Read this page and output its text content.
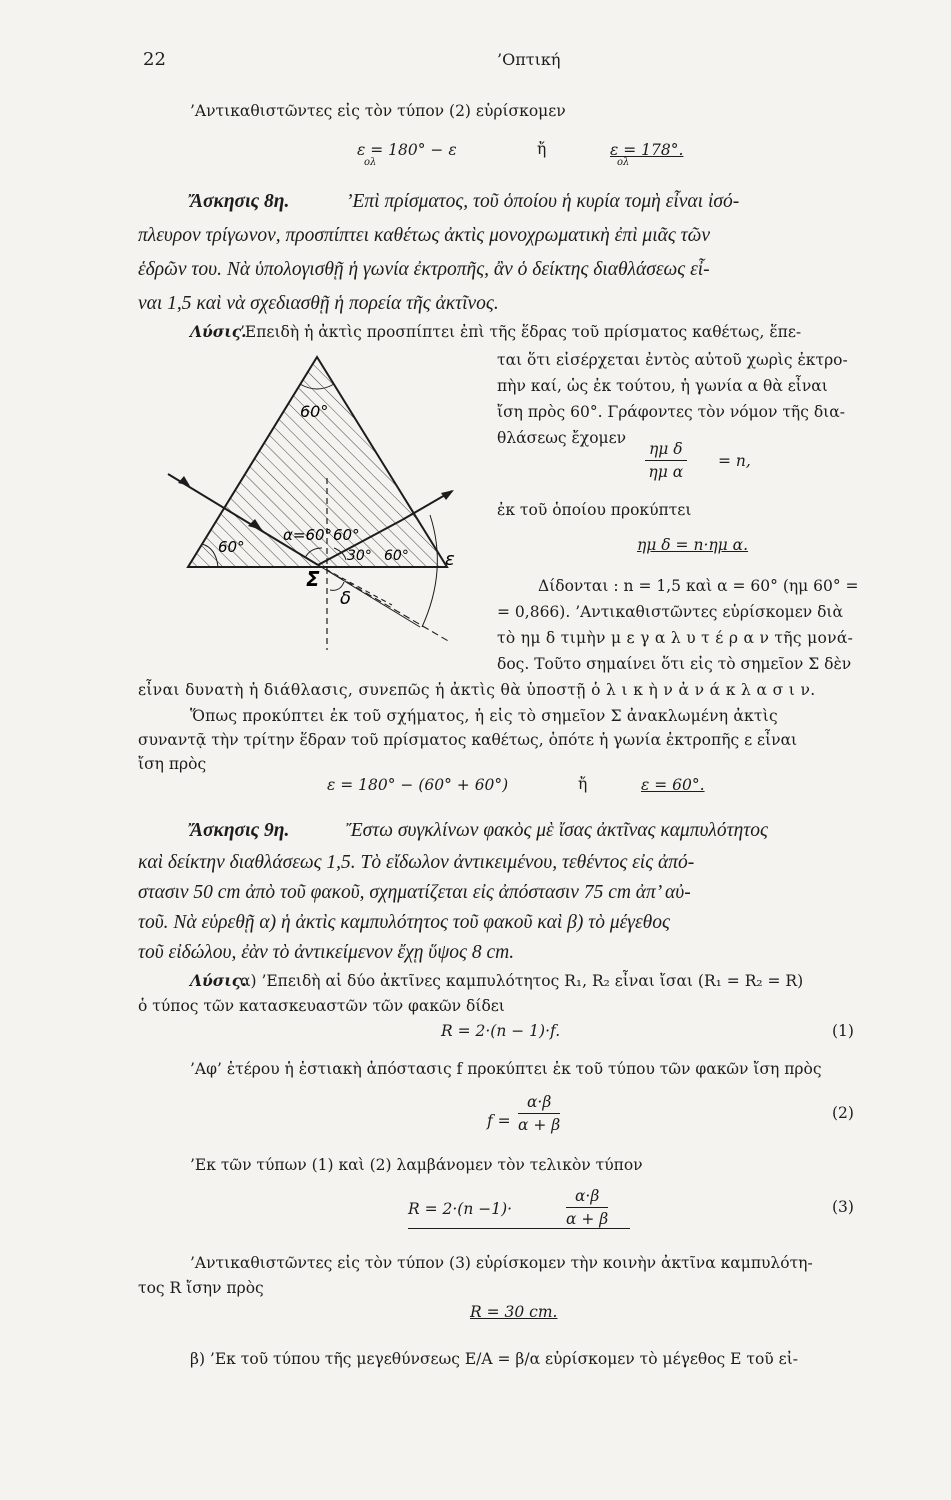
22	’Οπτική
’Αντικαθιστῶντες εἰς τὸν τύπον (2) εὑρίσκομεν
ε = 180° − ε
ολ
ἤ	ε = 178°.
ολ
Ἄσκησις 8η.	’Επὶ πρίσματος, τοῦ ὁποίου ἡ κυρία τομὴ εἶναι ἰσό-
πλευρον τρίγωνον, προσπίπτει καθέτως ἀκτὶς μονοχρωματικὴ ἐπὶ μιᾶς τῶν
ἑδρῶν του. Νὰ ὑπολογισθῇ ἡ γωνία ἐκτροπῆς, ἂν ὁ δείκτης διαθλάσεως εἶ-
ναι 1,5 καὶ νὰ σχεδιασθῇ ἡ πορεία τῆς ἀκτῖνος.
Λύσις.
’Επειδὴ ἡ ἀκτὶς προσπίπτει ἐπὶ τῆς ἕδρας τοῦ πρίσματος καθέτως, ἕπε-
ται ὅτι εἰσέρχεται ἐντὸς αὐτοῦ χωρὶς ἐκτρο-
πὴν καί, ὡς ἐκ τούτου, ἡ γωνία α θὰ εἶναι
ἴση πρὸς 60°. Γράφοντες τὸν νόμον τῆς δια-
θλάσεως ἔχομεν
$\frac{\text{ημ δ}}{\text{ημ α}} = n$,
ἐκ τοῦ ὁποίου προκύπτει
ημ δ = n·ημ α.
Δίδονται : n = 1,5 καὶ α = 60° (ημ 60° =
= 0,866). ’Αντικαθιστῶντες εὑρίσκομεν διὰ
τὸ ημ δ τιμὴν μ ε γ α λ υ τ έ ρ α ν τῆς μονά-
δος. Τοῦτο σημαίνει ὅτι εἰς τὸ σημεῖον Σ δὲν
εἶναι δυνατὴ ἡ διάθλασις, συνεπῶς ἡ ἀκτὶς θὰ ὑποστῇ ὁ λ ι κ ὴ ν ἀ ν ά κ λ α σ ι ν.
Ὅπως προκύπτει ἐκ τοῦ σχήματος, ἡ εἰς τὸ σημεῖον Σ ἀνακλωμένη ἀκτὶς
συναντᾷ τὴν τρίτην ἕδραν τοῦ πρίσματος καθέτως, ὁπότε ἡ γωνία ἐκτροπῆς ε εἶναι
ἴση πρὸς
ε = 180° − (60° + 60°)	ἤ	ε = 60°.
60°
60°
α=60° 60°
30° 60°
Σ
δ
ε
Ἄσκησις 9η.	Ἔστω συγκλίνων φακὸς μὲ ἴσας ἀκτῖνας καμπυλότητος
καὶ δείκτην διαθλάσεως 1,5. Τὸ εἴδωλον ἀντικειμένου, τεθέντος εἰς ἀπό-
στασιν 50 cm ἀπὸ τοῦ φακοῦ, σχηματίζεται εἰς ἀπόστασιν 75 cm ἀπ’ αὐ-
τοῦ. Νὰ εὑρεθῇ α) ἡ ἀκτὶς καμπυλότητος τοῦ φακοῦ καὶ β) τὸ μέγεθος
τοῦ εἰδώλου, ἐὰν τὸ ἀντικείμενον ἔχῃ ὕψος 8 cm.
Λύσις.
α) ’Επειδὴ αἱ δύο ἀκτῖνες καμπυλότητος R₁, R₂ εἶναι ἴσαι (R₁ = R₂ = R)
ὁ τύπος τῶν κατασκευαστῶν τῶν φακῶν δίδει
R = 2·(n − 1)·f.	(1)
’Αφ’ ἑτέρου ἡ ἑστιακὴ ἀπόστασις f προκύπτει ἐκ τοῦ τύπου τῶν φακῶν ἴση πρὸς
$f = \frac{\alpha\cdot\beta}{\alpha + \beta}$	(2)
’Εκ τῶν τύπων (1) καὶ (2) λαμβάνομεν τὸν τελικὸν τύπον
R = 2·(n −1)·	$\frac{\alpha\cdot\beta}{\alpha + \beta}$	(3)
’Αντικαθιστῶντες εἰς τὸν τύπον (3) εὑρίσκομεν τὴν κοινὴν ἀκτῖνα καμπυλότη-
τος R ἴσην πρὸς
R = 30 cm.
β) ’Εκ τοῦ τύπου τῆς μεγεθύνσεως E/A = β/α εὑρίσκομεν τὸ μέγεθος E τοῦ εἰ-
